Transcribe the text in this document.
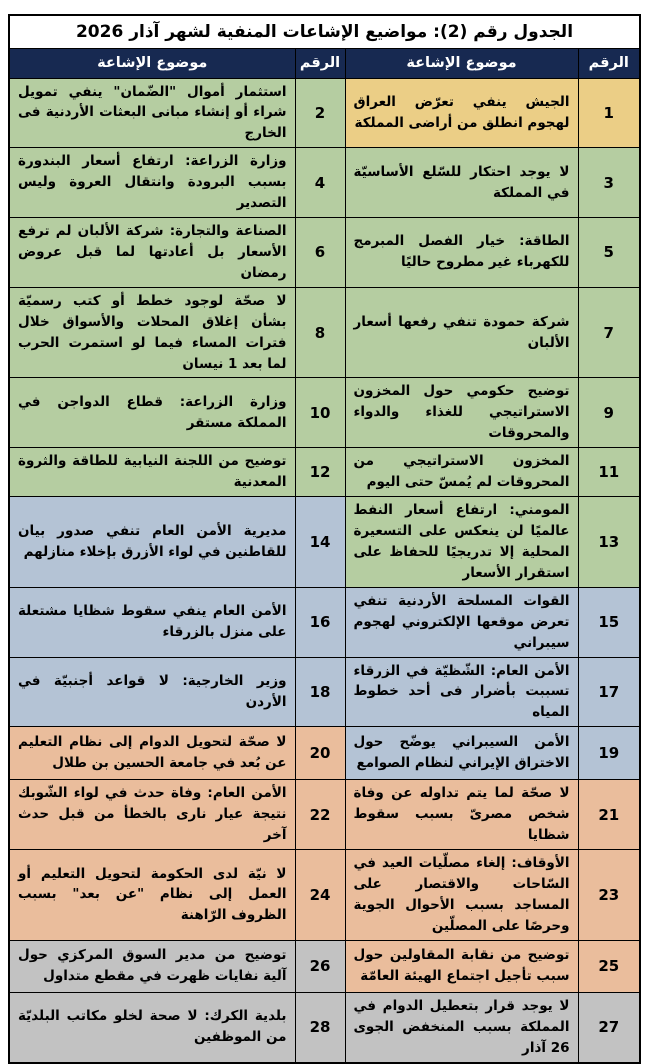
الجدول رقم (2): مواضيع الإشاعات المنفية لشهر آذار 2026			
الرقم	موضوع الإشاعة	الرقم	موضوع الإشاعة
1	الجيش ينفي تعرّض العراق لهجوم انطلق من أراضى المملكة	2	استثمار أموال "الضّمان" ينفي تمويل شراء أو إنشاء مبانى البعثات الأردنية فى الخارج
3	لا يوجد احتكار للسّلع الأساسيّة في المملكة	4	وزارة الزراعة: ارتفاع أسعار البندورة بسبب البرودة وانتقال العروة وليس التصدير
5	الطاقة: خيار الفصل المبرمج للكهرباء غير مطروح حاليًا	6	الصناعة والتجارة: شركة الألبان لم ترفع الأسعار بل أعادتها لما قبل عروض رمضان
7	شركة حمودة تنفي رفعها أسعار الألبان	8	لا صحّة لوجود خطط أو كتب رسميّة بشأن إغلاق المحلات والأسواق خلال فترات المساء فيما لو استمرت الحرب لما بعد 1 نيسان
9	توضيح حكومي حول المخزون الاستراتيجي للغذاء والدواء والمحروقات	10	وزارة الزراعة: قطاع الدواجن في المملكة مستقر
11	المخزون الاستراتيجي من المحروقات لم يُمسّ حتى اليوم	12	توضيح من اللجنة النيابية للطاقة والثروة المعدنية
13	المومني: ارتفاع أسعار النفط عالميًا لن ينعكس على التسعيرة المحلية إلا تدريجيًا للحفاظ على استقرار الأسعار	14	مديرية الأمن العام تنفي صدور بيان للقاطنين في لواء الأزرق بإخلاء منازلهم
15	القوات المسلحة الأردنية تنفي تعرض موقعها الإلكتروني لهجوم سيبراني	16	الأمن العام ينفي سقوط شظايا مشتعلة على منزل بالزرقاء
17	الأمن العام: الشّظيّة في الزرقاء تسببت بأضرار فى أحد خطوط المياه	18	وزير الخارجية: لا قواعد أجنبيّة في الأردن
19	الأمن السيبراني يوضّح حول الاختراق الإيراني لنظام الصوامع	20	لا صحّة لتحويل الدوام إلى نظام التعليم عن بُعد في جامعة الحسين بن طلال
21	لا صحّة لما يتم تداوله عن وفاة شخص مصرىّ بسبب سقوط شظايا	22	الأمن العام: وفاة حدث في لواء الشّوبك نتيجة عيار نارى بالخطأ من قبل حدث آخر
23	الأوقاف: إلغاء مصلّيات العيد في السّاحات والاقتصار على المساجد بسبب الأحوال الجوية وحرصًا على المصلّين	24	لا نيّة لدى الحكومة لتحويل التعليم أو العمل إلى نظام "عن بعد" بسبب الظروف الرّاهنة
25	توضيح من نقابة المقاولين حول سبب تأجيل اجتماع الهيئة العامّة	26	توضيح من مدير السوق المركزي حول آلية نفايات ظهرت في مقطع متداول
27	لا يوجد قرار بتعطيل الدوام في المملكة بسبب المنخفض الجوى 26 آذار	28	بلدية الكرك: لا صحة لخلو مكاتب البلديّة من الموظفين
